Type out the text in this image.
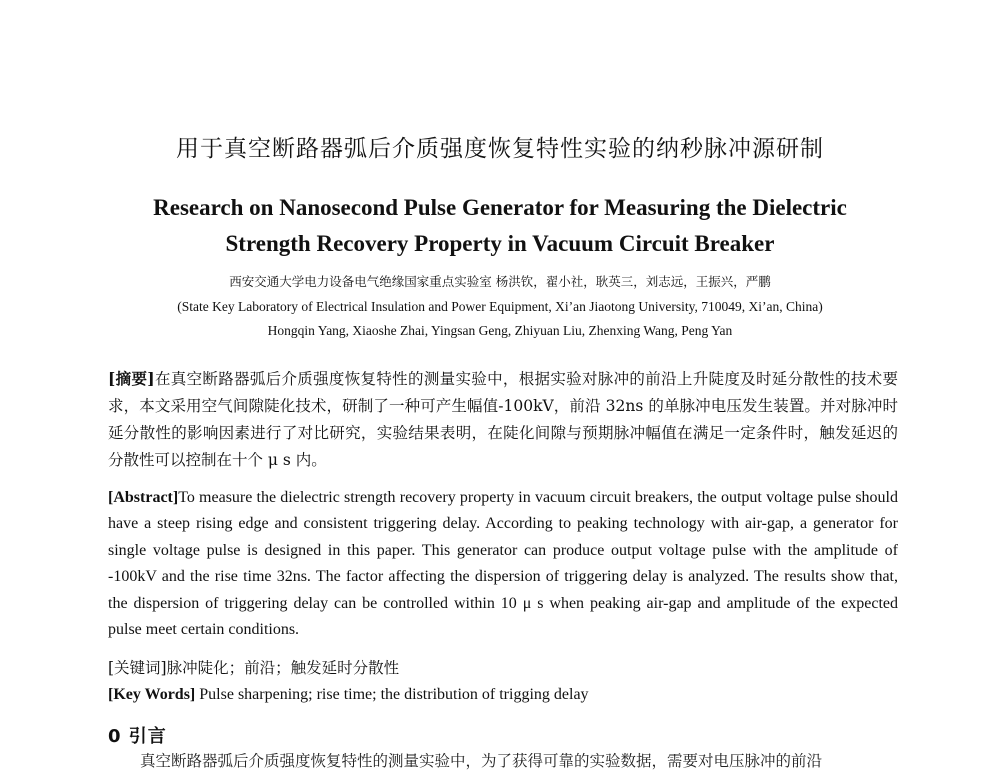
用于真空断路器弧后介质强度恢复特性实验的纳秒脉冲源研制
Research on Nanosecond Pulse Generator for Measuring the Dielectric
Strength Recovery Property in Vacuum Circuit Breaker
西安交通大学电力设备电气绝缘国家重点实验室 杨洪钦，翟小社，耿英三，刘志远，王振兴，严鹏
(State Key Laboratory of Electrical Insulation and Power Equipment, Xi’an Jiaotong University, 710049, Xi’an, China)
Hongqin Yang, Xiaoshe Zhai, Yingsan Geng, Zhiyuan Liu, Zhenxing Wang, Peng Yan
[摘要]在真空断路器弧后介质强度恢复特性的测量实验中，根据实验对脉冲的前沿上升陡度及时延分散性的技术要求，本文采用空气间隙陡化技术，研制了一种可产生幅值-100kV，前沿 32ns 的单脉冲电压发生装置。并对脉冲时延分散性的影响因素进行了对比研究，实验结果表明，在陡化间隙与预期脉冲幅值在满足一定条件时，触发延迟的分散性可以控制在十个 μ s 内。
[Abstract]To measure the dielectric strength recovery property in vacuum circuit breakers, the output voltage pulse should have a steep rising edge and consistent triggering delay. According to peaking technology with air-gap, a generator for single voltage pulse is designed in this paper. This generator can produce output voltage pulse with the amplitude of -100kV and the rise time 32ns. The factor affecting the dispersion of triggering delay is analyzed. The results show that, the dispersion of triggering delay can be controlled within 10 μ s when peaking air-gap and amplitude of the expected pulse meet certain conditions.
[关键词]脉冲陡化；前沿；触发延时分散性
[Key Words] Pulse sharpening; rise time; the distribution of trigging delay
0 引言
真空断路器弧后介质强度恢复特性的测量实验中，为了获得可靠的实验数据，需要对电压脉冲的前沿
